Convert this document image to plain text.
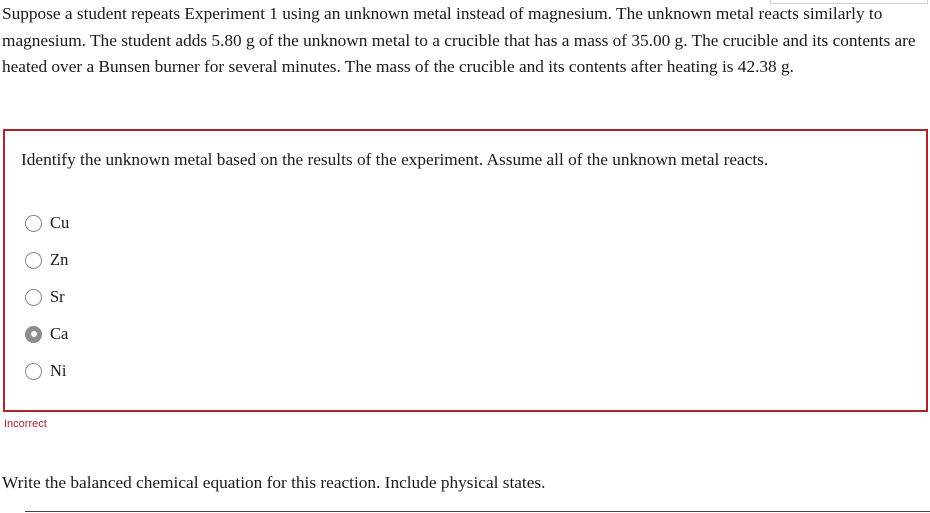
Suppose a student repeats Experiment 1 using an unknown metal instead of magnesium. The unknown metal reacts similarly to magnesium. The student adds 5.80 g of the unknown metal to a crucible that has a mass of 35.00 g. The crucible and its contents are heated over a Bunsen burner for several minutes. The mass of the crucible and its contents after heating is 42.38 g.

Identify the unknown metal based on the results of the experiment. Assume all of the unknown metal reacts.
Cu
Zn
Sr
Ca
Ni
Incorrect
Write the balanced chemical equation for this reaction. Include physical states.
